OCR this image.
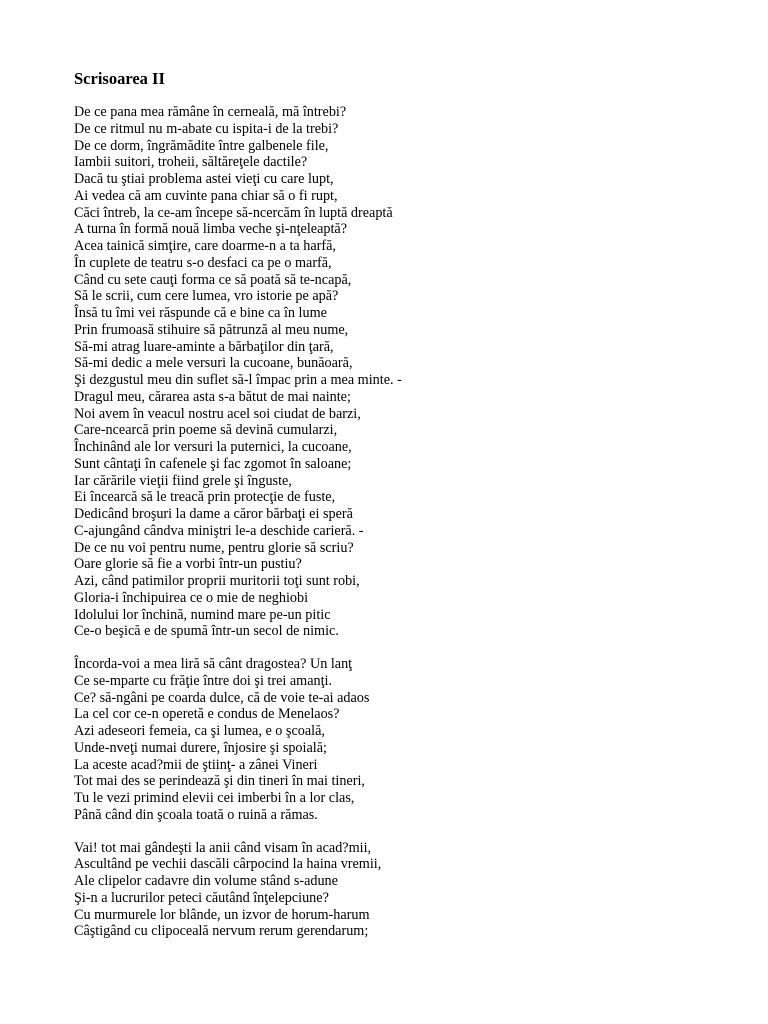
Scrisoarea II
De ce pana mea rămâne în cerneală, mă întrebi?
De ce ritmul nu m-abate cu ispita-i de la trebi?
De ce dorm, îngrămădite între galbenele file,
Iambii suitori, troheii, săltăreţele dactile?
Dacă tu ştiai problema astei vieţi cu care lupt,
Ai vedea că am cuvinte pana chiar să o fi rupt,
Căci întreb, la ce-am începe să-ncercăm în luptă dreaptă
A turna în formă nouă limba veche şi-nţeleaptă?
Acea tainică simţire, care doarme-n a ta harfă,
În cuplete de teatru s-o desfaci ca pe o marfă,
Când cu sete cauţi forma ce să poată să te-ncapă,
Să le scrii, cum cere lumea, vro istorie pe apă?
Însă tu îmi vei răspunde că e bine ca în lume
Prin frumoasă stihuire să pătrunză al meu nume,
Să-mi atrag luare-aminte a bărbaţilor din ţară,
Să-mi dedic a mele versuri la cucoane, bunăoară,
Şi dezgustul meu din suflet să-l împac prin a mea minte. -
Dragul meu, cărarea asta s-a bătut de mai nainte;
Noi avem în veacul nostru acel soi ciudat de barzi,
Care-ncearcă prin poeme să devină cumularzi,
Închinând ale lor versuri la puternici, la cucoane,
Sunt cântaţi în cafenele şi fac zgomot în saloane;
Iar cărările vieţii fiind grele şi înguste,
Ei încearcă să le treacă prin protecţie de fuste,
Dedicând broşuri la dame a căror bărbaţi ei speră
C-ajungând cândva miniştri le-a deschide carieră. -
De ce nu voi pentru nume, pentru glorie să scriu?
Oare glorie să fie a vorbi într-un pustiu?
Azi, când patimilor proprii muritorii toţi sunt robi,
Gloria-i închipuirea ce o mie de neghiobi
Idolului lor închină, numind mare pe-un pitic
Ce-o beşică e de spumă într-un secol de nimic.
Încorda-voi a mea liră să cânt dragostea? Un lanţ
Ce se-mparte cu frăţie între doi şi trei amanţi.
Ce? să-ngâni pe coarda dulce, că de voie te-ai adaos
La cel cor ce-n operetă e condus de Menelaos?
Azi adeseori femeia, ca şi lumea, e o şcoală,
Unde-nveţi numai durere, înjosire şi spoială;
La aceste acad?mii de ştiinţ- a zânei Vineri
Tot mai des se perindează şi din tineri în mai tineri,
Tu le vezi primind elevii cei imberbi în a lor clas,
Până când din şcoala toată o ruină a rămas.
Vai! tot mai gândeşti la anii când visam în acad?mii,
Ascultând pe vechii dascăli cârpocind la haina vremii,
Ale clipelor cadavre din volume stând s-adune
Şi-n a lucrurilor peteci căutând înţelepciune?
Cu murmurele lor blânde, un izvor de horum-harum
Câştigând cu clipoceală nervum rerum gerendarum;
